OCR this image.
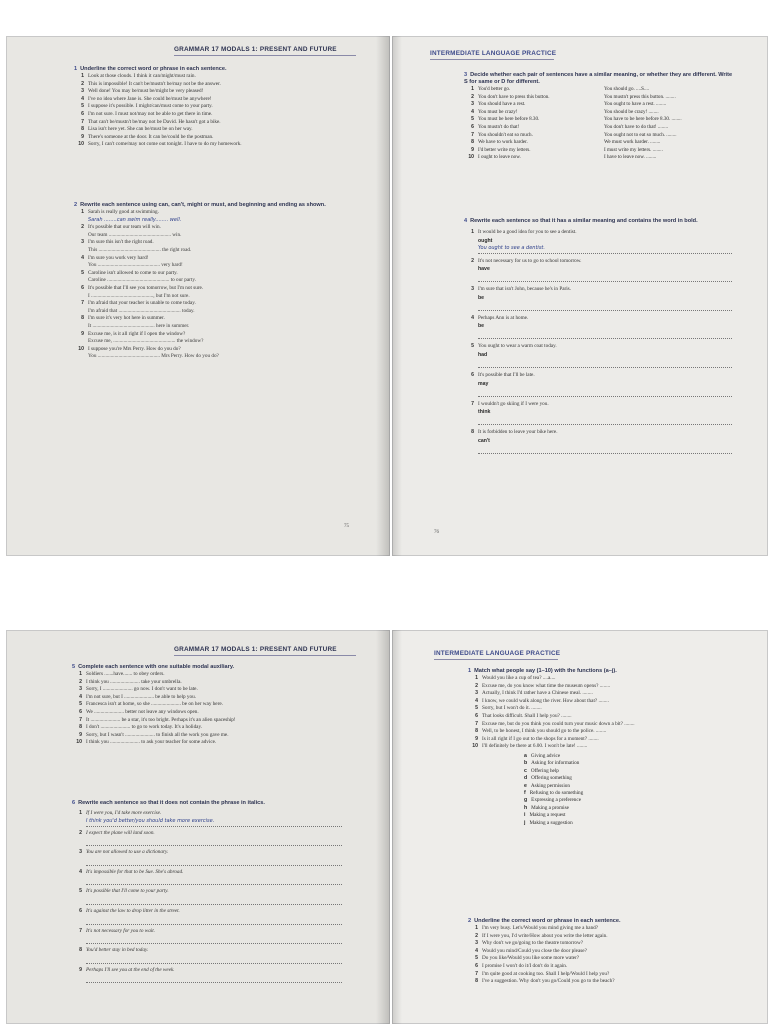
GRAMMAR 17 MODALS 1: PRESENT AND FUTURE
1 Underline the correct word or phrase in each sentence.
1 Look at those clouds. I think it can/might/must rain.
2 This is impossible! It can't be/mustn't be/may not be the answer.
3 Well done! You may be/must be/might be very pleased!
4 I've no idea where Jane is. She could be/must be anywhere!
5 I suppose it's possible. I might/can/must come to your party.
6 I'm not sure. I must not/may not be able to get there in time.
7 That can't be/mustn't be/may not be David. He hasn't got a bike.
8 Lisa isn't here yet. She can be/must be on her way.
9 There's someone at the door. It can be/could be the postman.
10 Sorry, I can't come/may not come out tonight. I have to do my homework.
2 Rewrite each sentence using can, can't, might or must, and beginning and ending as shown.
1 Sarah is really good at swimming.
Sarah ........can swim really........ well.
2 It's possible that our team will win.
Our team ................................................ win.
3 I'm sure this isn't the right road.
This ................................................ the right road.
4 I'm sure you work very hard!
You ................................................ very hard!
5 Caroline isn't allowed to come to our party.
Caroline ................................................ to our party.
6 It's possible that I'll see you tomorrow, but I'm not sure.
I ................................................, but I'm not sure.
7 I'm afraid that your teacher is unable to come today.
I'm afraid that ................................................ today.
8 I'm sure it's very hot here in summer.
It ................................................ here in summer.
9 Excuse me, is it all right if I open the window?
Excuse me, ................................................ the window?
10 I suppose you're Mrs Perry. How do you do?
You ................................................ Mrs Perry. How do you do?
75
INTERMEDIATE LANGUAGE PRACTICE
3 Decide whether each pair of sentences have a similar meaning, or whether they are different. Write S for same or D for different.
1 You'd better go.	You should go. ....S....
2 You don't have to press this button.	You mustn't press this button. ........
3 You should have a rest.	You ought to have a rest. ........
4 You must be crazy!	You should be crazy! ........
5 You must be here before 8.30.	You have to be here before 8.30. ........
6 You mustn't do that!	You don't have to do that! ........
7 You shouldn't eat so much.	You ought not to eat so much. ........
8 We have to work harder.	We must work harder. ........
9 I'd better write my letters.	I must write my letters. ........
10 I ought to leave now.	I have to leave now. ........
4 Rewrite each sentence so that it has a similar meaning and contains the word in bold.
1 It would be a good idea for you to see a dentist.
ought
You ought to see a dentist.
2 It's not necessary for us to go to school tomorrow.
have
3 I'm sure that isn't John, because he's in Paris.
be
4 Perhaps Ann is at home.
be
5 You ought to wear a warm coat today.
had
6 It's possible that I'll be late.
may
7 I wouldn't go skiing if I were you.
think
8 It is forbidden to leave your bike here.
can't
76
GRAMMAR 17 MODALS 1: PRESENT AND FUTURE
5 Complete each sentence with one suitable modal auxiliary.
1 Soldiers .......have....... to obey orders.
2 I think you ....................... take your umbrella.
3 Sorry, I ....................... go now. I don't want to be late.
4 I'm not sure, but I ....................... be able to help you.
5 Francesca isn't at home, so she ....................... be on her way here.
6 We ....................... better not leave any windows open.
7 It ....................... be a star, it's too bright. Perhaps it's an alien spaceship!
8 I don't ....................... to go to work today. It's a holiday.
9 Sorry, but I wasn't ....................... to finish all the work you gave me.
10 I think you ....................... to ask your teacher for some advice.
6 Rewrite each sentence so that it does not contain the phrase in italics.
1 If I were you, I'd take more exercise.
I think you'd better/you should take more exercise.
2 I expect the plane will land soon.
3 You are not allowed to use a dictionary.
4 It's impossible for that to be Sue. She's abroad.
5 It's possible that I'll come to your party.
6 It's against the law to drop litter in the street.
7 It's not necessary for you to wait.
8 You'd better stay in bed today.
9 Perhaps I'll see you at the end of the week.
INTERMEDIATE LANGUAGE PRACTICE
1 Match what people say (1–10) with the functions (a–j).
1 Would you like a cup of tea? ....a....
2 Excuse me, do you know what time the museum opens? ........
3 Actually, I think I'd rather have a Chinese meal. ........
4 I know, we could walk along the river. How about that? ........
5 Sorry, but I won't do it. ........
6 That looks difficult. Shall I help you? ........
7 Excuse me, but do you think you could turn your music down a bit? ........
8 Well, to be honest, I think you should go to the police. ........
9 Is it all right if I go out to the shops for a moment? ........
10 I'll definitely be there at 6.00. I won't be late! ........
a Giving advice
b Asking for information
c Offering help
d Offering something
e Asking permission
f Refusing to do something
g Expressing a preference
h Making a promise
i Making a request
j Making a suggestion
2 Underline the correct word or phrase in each sentence.
1 I'm very busy. Let's/Would you mind giving me a hand?
2 If I were you, I'd write/How about you write the letter again.
3 Why don't we go/going to the theatre tomorrow?
4 Would you mind/Could you close the door please?
5 Do you like/Would you like some more water?
6 I promise I won't do it/I don't do it again.
7 I'm quite good at cooking too. Shall I help/Would I help you?
8 I've a suggestion. Why don't you go/Could you go to the beach?
